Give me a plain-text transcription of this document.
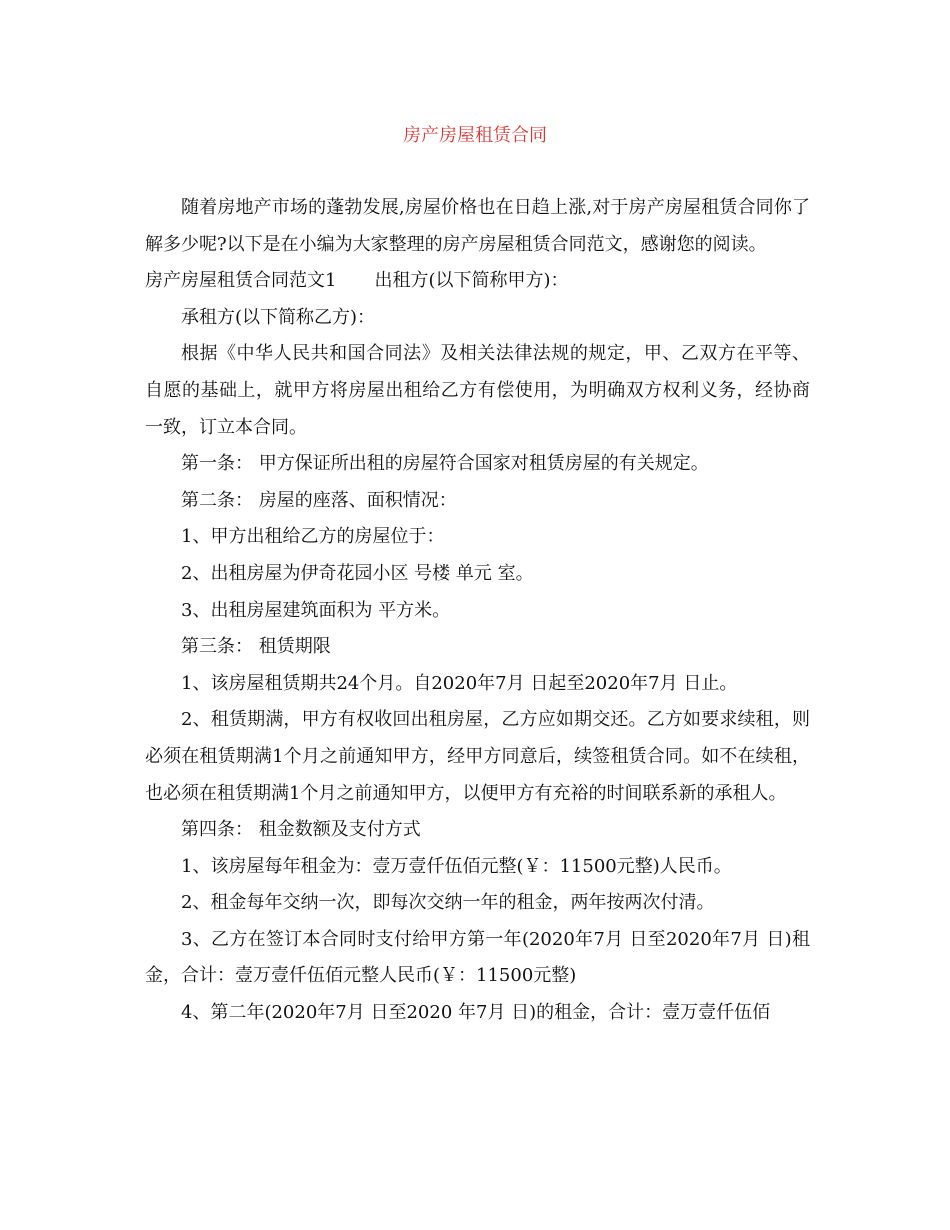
房产房屋租赁合同

随着房地产市场的蓬勃发展,房屋价格也在日趋上涨,对于房产房屋租赁合同你了解多少呢?以下是在小编为大家整理的房产房屋租赁合同范文，感谢您的阅读。

房产房屋租赁合同范文1 出租方(以下简称甲方)：

承租方(以下简称乙方)：

根据《中华人民共和国合同法》及相关法律法规的规定，甲、乙双方在平等、自愿的基础上，就甲方将房屋出租给乙方有偿使用，为明确双方权利义务，经协商一致，订立本合同。

第一条： 甲方保证所出租的房屋符合国家对租赁房屋的有关规定。

第二条： 房屋的座落、面积情况：

1、甲方出租给乙方的房屋位于：

2、出租房屋为伊奇花园小区 号楼 单元 室。

3、出租房屋建筑面积为 平方米。

第三条： 租赁期限

1、该房屋租赁期共24个月。自2020年7月 日起至2020年7月 日止。

2、租赁期满，甲方有权收回出租房屋，乙方应如期交还。乙方如要求续租，则必须在租赁期满1个月之前通知甲方，经甲方同意后，续签租赁合同。如不在续租，也必须在租赁期满1个月之前通知甲方，以便甲方有充裕的时间联系新的承租人。

第四条： 租金数额及支付方式

1、该房屋每年租金为：壹万壹仟伍佰元整(￥：11500元整)人民币。

2、租金每年交纳一次，即每次交纳一年的租金，两年按两次付清。

3、乙方在签订本合同时支付给甲方第一年(2020年7月 日至2020年7月 日)租金，合计：壹万壹仟伍佰元整人民币(￥：11500元整)

4、第二年(2020年7月 日至2020 年7月 日)的租金，合计：壹万壹仟伍佰
